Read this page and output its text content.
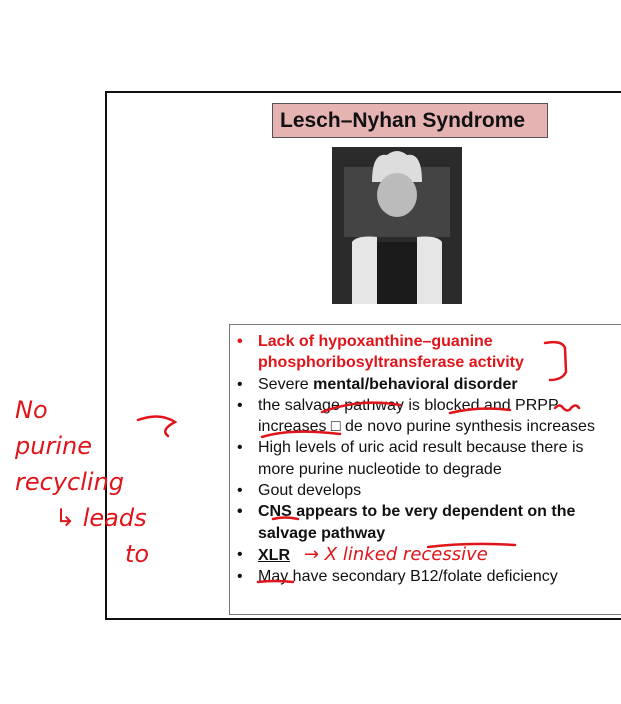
Lesch–Nyhan Syndrome
• Lack of hypoxanthine–guanine phosphoribosyltransferase activity
• Severe mental/behavioral disorder
• the salvage pathway is blocked and PRPP increases □ de novo purine synthesis increases
• High levels of uric acid result because there is more purine nucleotide to degrade
• Gout develops
• CNS appears to be very dependent on the salvage pathway
• XLR → X linked recessive
• May have secondary B12/folate deficiency
No
purine
recycling
↳ leads
to
